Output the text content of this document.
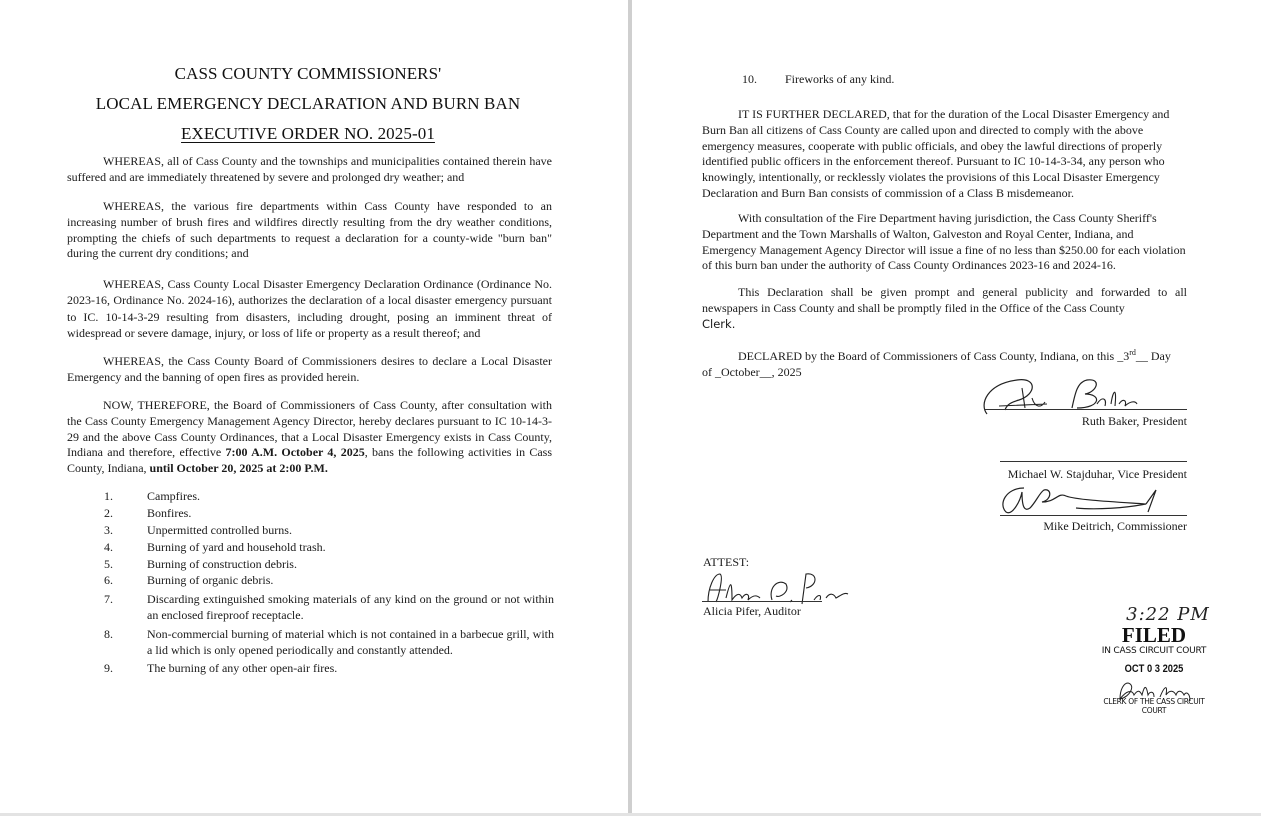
CASS COUNTY COMMISSIONERS'
LOCAL EMERGENCY DECLARATION AND BURN BAN
EXECUTIVE ORDER NO. 2025-01
WHEREAS, all of Cass County and the townships and municipalities contained therein have suffered and are immediately threatened by severe and prolonged dry weather; and
WHEREAS, the various fire departments within Cass County have responded to an increasing number of brush fires and wildfires directly resulting from the dry weather conditions, prompting the chiefs of such departments to request a declaration for a county-wide "burn ban" during the current dry conditions; and
WHEREAS, Cass County Local Disaster Emergency Declaration Ordinance (Ordinance No. 2023-16, Ordinance No. 2024-16), authorizes the declaration of a local disaster emergency pursuant to IC. 10-14-3-29 resulting from disasters, including drought, posing an imminent threat of widespread or severe damage, injury, or loss of life or property as a result thereof; and
WHEREAS, the Cass County Board of Commissioners desires to declare a Local Disaster Emergency and the banning of open fires as provided herein.
NOW, THEREFORE, the Board of Commissioners of Cass County, after consultation with the Cass County Emergency Management Agency Director, hereby declares pursuant to IC 10-14-3-29 and the above Cass County Ordinances, that a Local Disaster Emergency exists in Cass County, Indiana and therefore, effective 7:00 A.M. October 4, 2025, bans the following activities in Cass County, Indiana, until October 20, 2025 at 2:00 P.M.
1.	Campfires.
2.	Bonfires.
3.	Unpermitted controlled burns.
4.	Burning of yard and household trash.
5.	Burning of construction debris.
6.	Burning of organic debris.
7.	Discarding extinguished smoking materials of any kind on the ground or not within an enclosed fireproof receptacle.
8.	Non-commercial burning of material which is not contained in a barbecue grill, with a lid which is only opened periodically and constantly attended.
9.	The burning of any other open-air fires.
10.	Fireworks of any kind.
IT IS FURTHER DECLARED, that for the duration of the Local Disaster Emergency and Burn Ban all citizens of Cass County are called upon and directed to comply with the above emergency measures, cooperate with public officials, and obey the lawful directions of properly identified public officers in the enforcement thereof. Pursuant to IC 10-14-3-34, any person who knowingly, intentionally, or recklessly violates the provisions of this Local Disaster Emergency Declaration and Burn Ban consists of commission of a Class B misdemeanor.
With consultation of the Fire Department having jurisdiction, the Cass County Sheriff's Department and the Town Marshalls of Walton, Galveston and Royal Center, Indiana, and Emergency Management Agency Director will issue a fine of no less than $250.00 for each violation of this burn ban under the authority of Cass County Ordinances 2023-16 and 2024-16.
This Declaration shall be given prompt and general publicity and forwarded to all newspapers in Cass County and shall be promptly filed in the Office of the Cass County
Clerk.
DECLARED by the Board of Commissioners of Cass County, Indiana, on this _3rd__ Day
of _October__, 2025
Ruth Baker, President
Michael W. Stajduhar, Vice President
Mike Deitrich, Commissioner
ATTEST:
Alicia Pifer, Auditor	3:22 PM
FILED
IN CASS CIRCUIT COURT
OCT 0 3 2025
CLERK OF THE CASS CIRCUIT COURT
